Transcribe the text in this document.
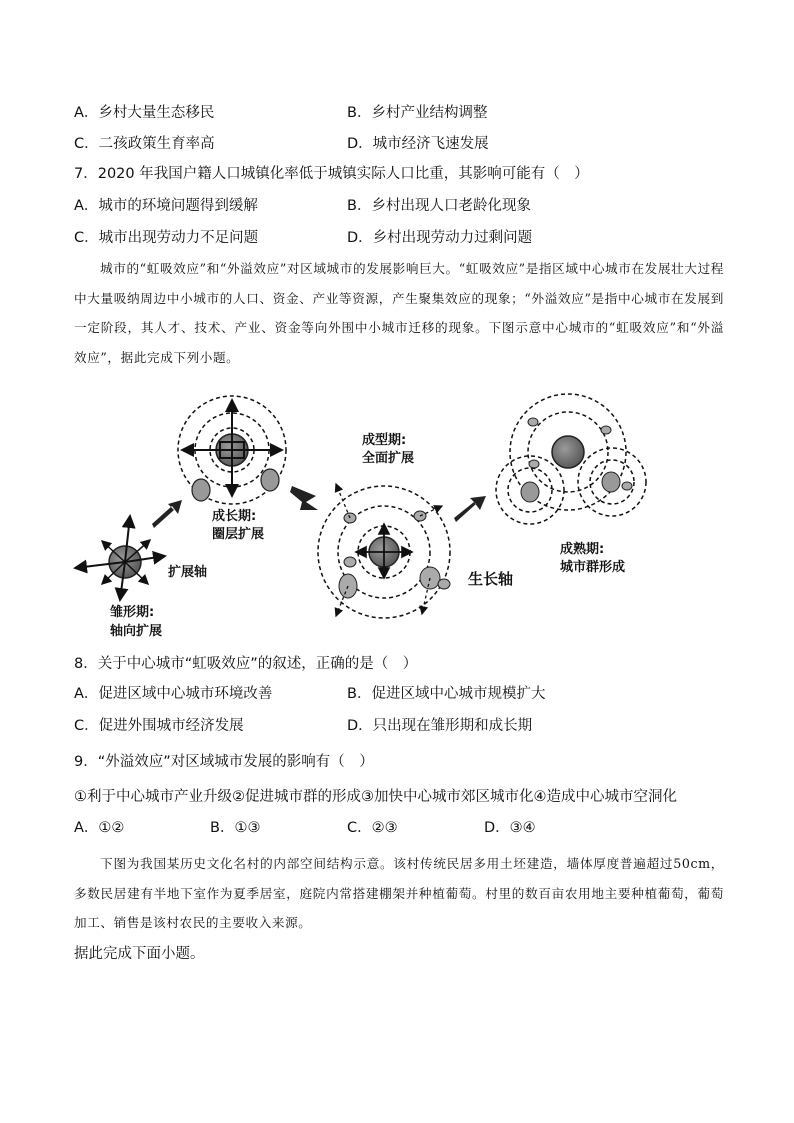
A．乡村大量生态移民	B．乡村产业结构调整
C．二孩政策生育率高	D．城市经济飞速发展
7．2020 年我国户籍人口城镇化率低于城镇实际人口比重，其影响可能有（　）
A．城市的环境问题得到缓解	B．乡村出现人口老龄化现象
C．城市出现劳动力不足问题	D．乡村出现劳动力过剩问题
城市的“虹吸效应”和“外溢效应”对区域城市的发展影响巨大。“虹吸效应”是指区域中心城市在发展壮大过程中大量吸纳周边中小城市的人口、资金、产业等资源，产生聚集效应的现象；“外溢效应”是指中心城市在发展到一定阶段，其人才、技术、产业、资金等向外围中小城市迁移的现象。下图示意中心城市的“虹吸效应”和“外溢效应”，据此完成下列小题。
扩展轴
雏形期:
轴向扩展
成长期:
圈层扩展
成型期:
全面扩展
生长轴
成熟期:
城市群形成
8．关于中心城市“虹吸效应”的叙述，正确的是（　）
A．促进区域中心城市环境改善	B．促进区域中心城市规模扩大
C．促进外围城市经济发展	D．只出现在雏形期和成长期
9．“外溢效应”对区域城市发展的影响有（　）
①利于中心城市产业升级②促进城市群的形成③加快中心城市郊区城市化④造成中心城市空洞化
A．①②	B．①③	C．②③	D．③④
下图为我国某历史文化名村的内部空间结构示意。该村传统民居多用土坯建造，墙体厚度普遍超过50cm，多数民居建有半地下室作为夏季居室，庭院内常搭建棚架并种植葡萄。村里的数百亩农用地主要种植葡萄，葡萄加工、销售是该村农民的主要收入来源。
据此完成下面小题。
